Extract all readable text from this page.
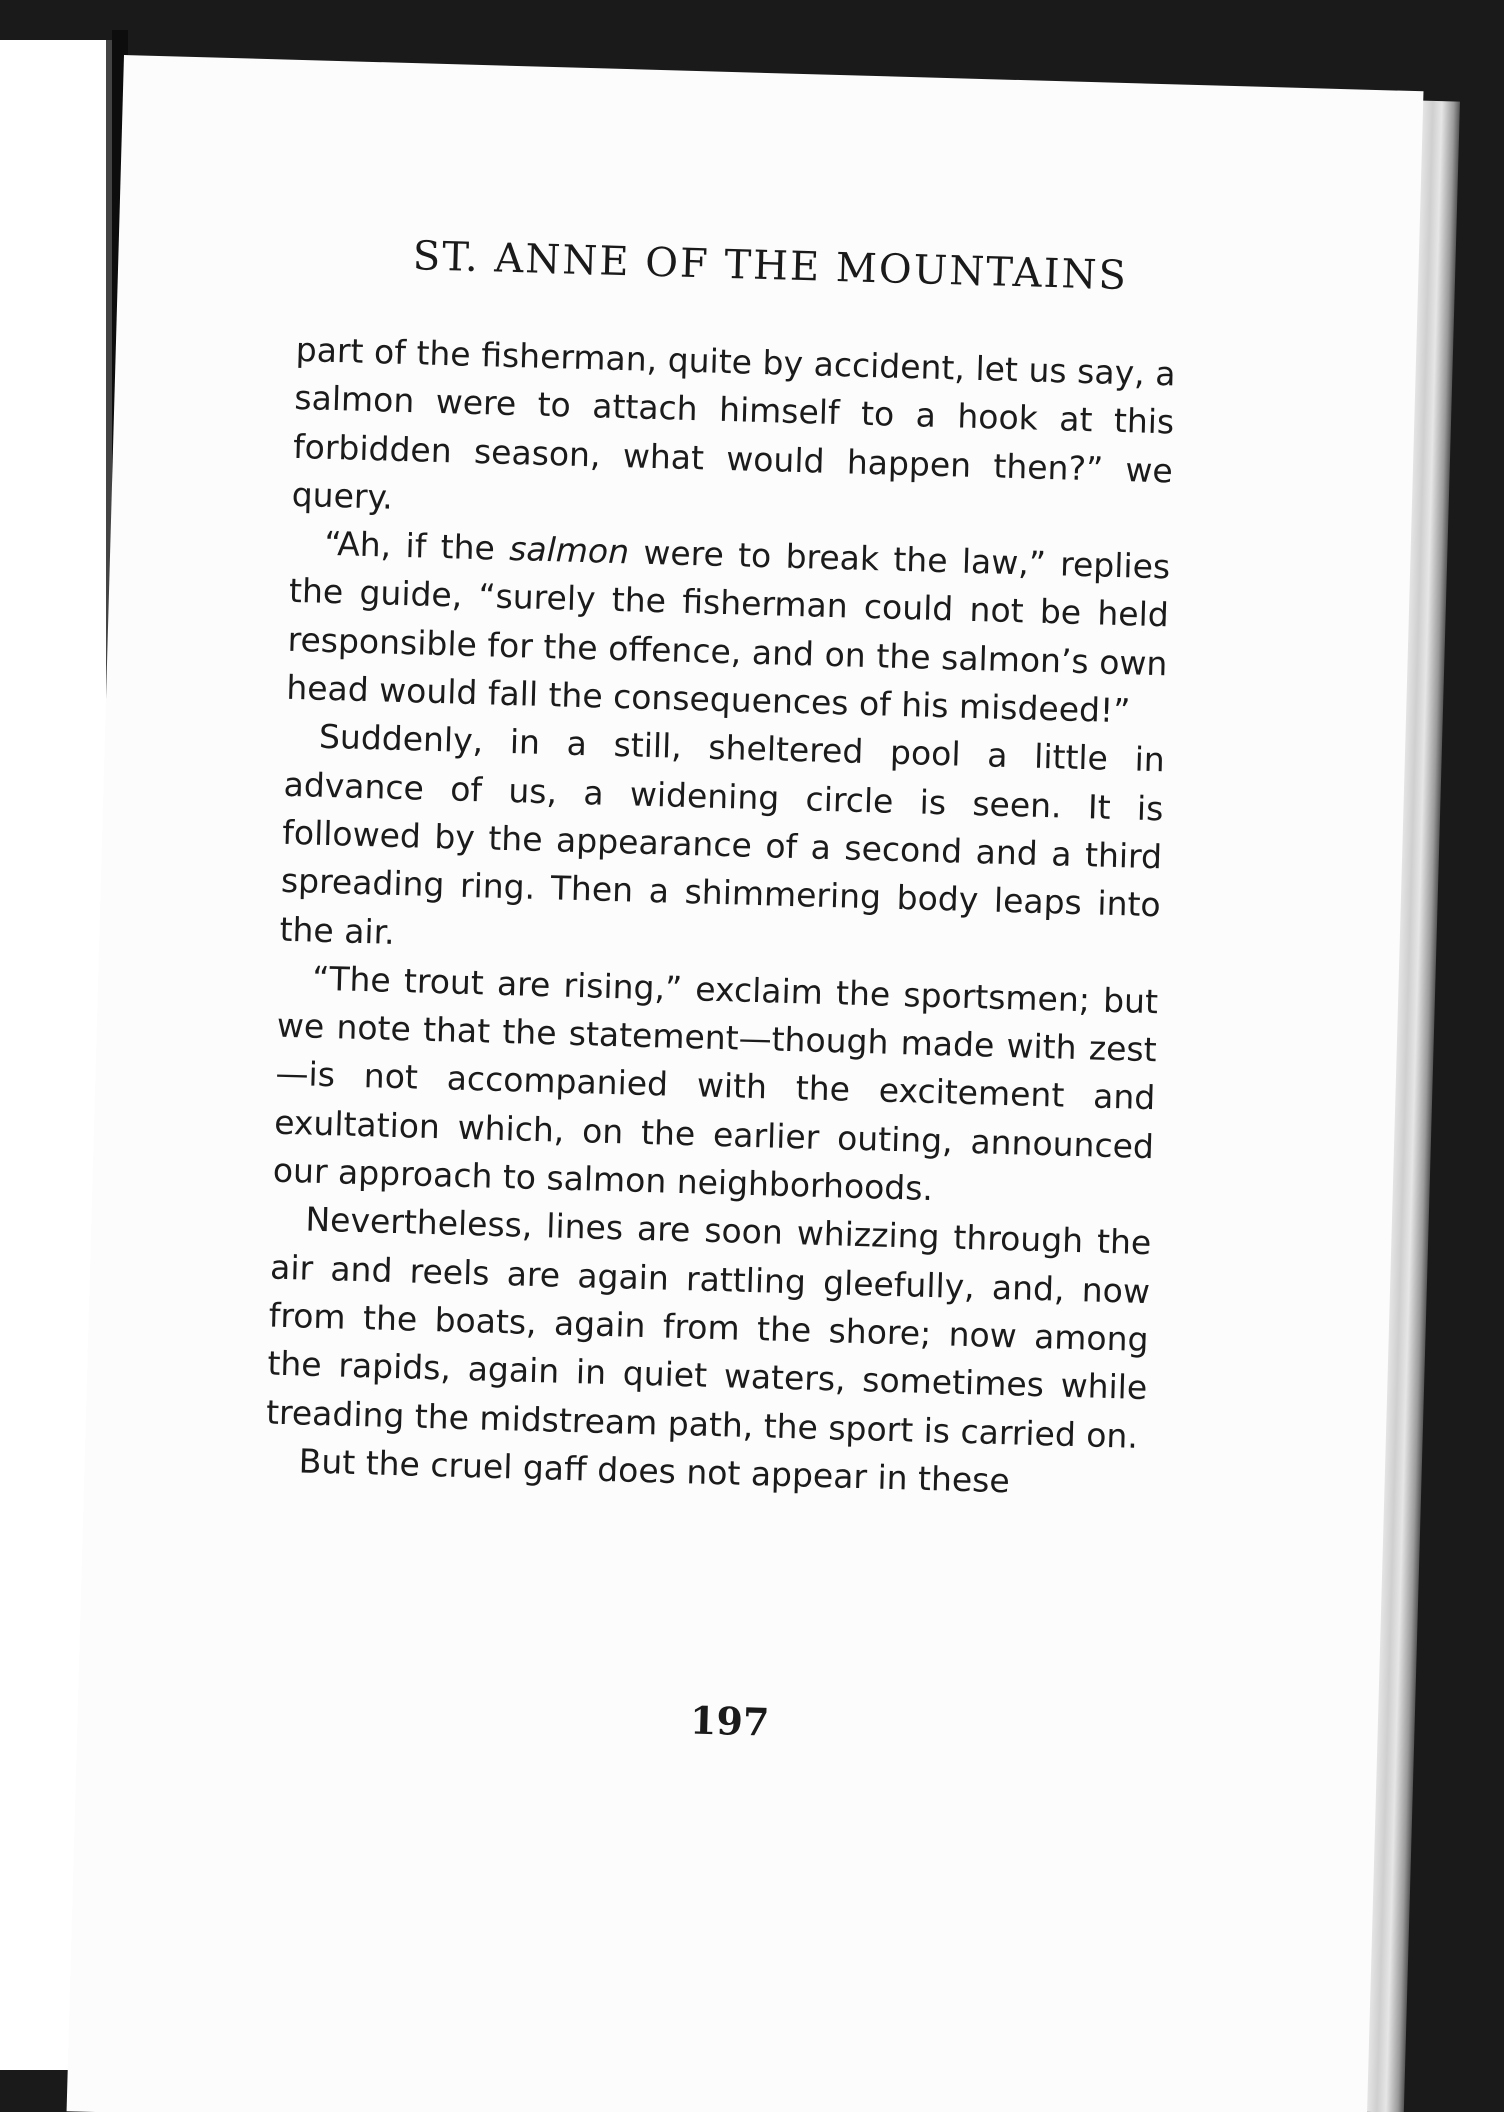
ST. ANNE OF THE MOUNTAINS

part of the fisherman, quite by accident, let us say, a salmon were to attach himself to a hook at this forbidden season, what would happen then?” we query.

“Ah, if the salmon were to break the law,” replies the guide, “surely the fisherman could not be held responsible for the offence, and on the salmon’s own head would fall the consequences of his misdeed!”

Suddenly, in a still, sheltered pool a little in advance of us, a widening circle is seen. It is followed by the appearance of a second and a third spreading ring. Then a shimmering body leaps into the air.

“The trout are rising,” exclaim the sportsmen; but we note that the statement—though made with zest—is not accompanied with the excitement and exultation which, on the earlier outing, announced our approach to salmon neighborhoods.

Nevertheless, lines are soon whizzing through the air and reels are again rattling gleefully, and, now from the boats, again from the shore; now among the rapids, again in quiet waters, sometimes while treading the midstream path, the sport is carried on.

But the cruel gaff does not appear in these

197
